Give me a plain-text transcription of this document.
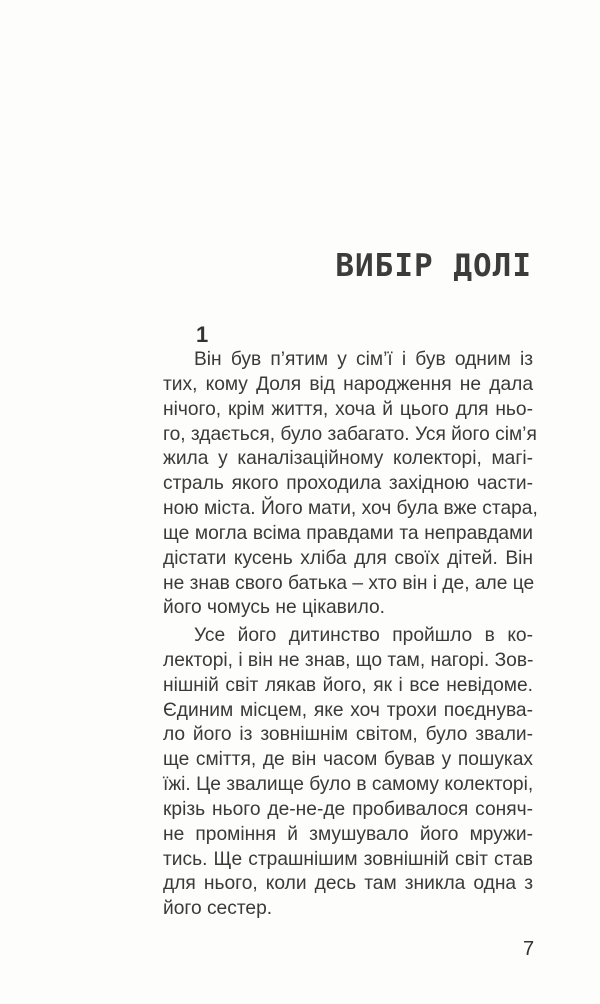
ВИБІР ДОЛІ
1
Він був п’ятим у сім’ї і був одним із
тих, кому Доля від народження не дала
нічого, крім життя, хоча й цього для ньо-
го, здається, було забагато. Уся його сім’я
жила у каналізаційному колекторі, магі-
страль якого проходила західною части-
ною міста. Його мати, хоч була вже стара,
ще могла всіма правдами та неправдами
дістати кусень хліба для своїх дітей. Він
не знав свого батька – хто він і де, але це
його чомусь не цікавило.
Усе його дитинство пройшло в ко-
лекторі, і він не знав, що там, нагорі. Зов-
нішній світ лякав його, як і все невідоме.
Єдиним місцем, яке хоч трохи поєднува-
ло його із зовнішнім світом, було звали-
ще сміття, де він часом бував у пошуках
їжі. Це звалище було в самому колекторі,
крізь нього де-не-де пробивалося соняч-
не проміння й змушувало його мружи-
тись. Ще страшнішим зовнішній світ став
для нього, коли десь там зникла одна з
його сестер.
7
